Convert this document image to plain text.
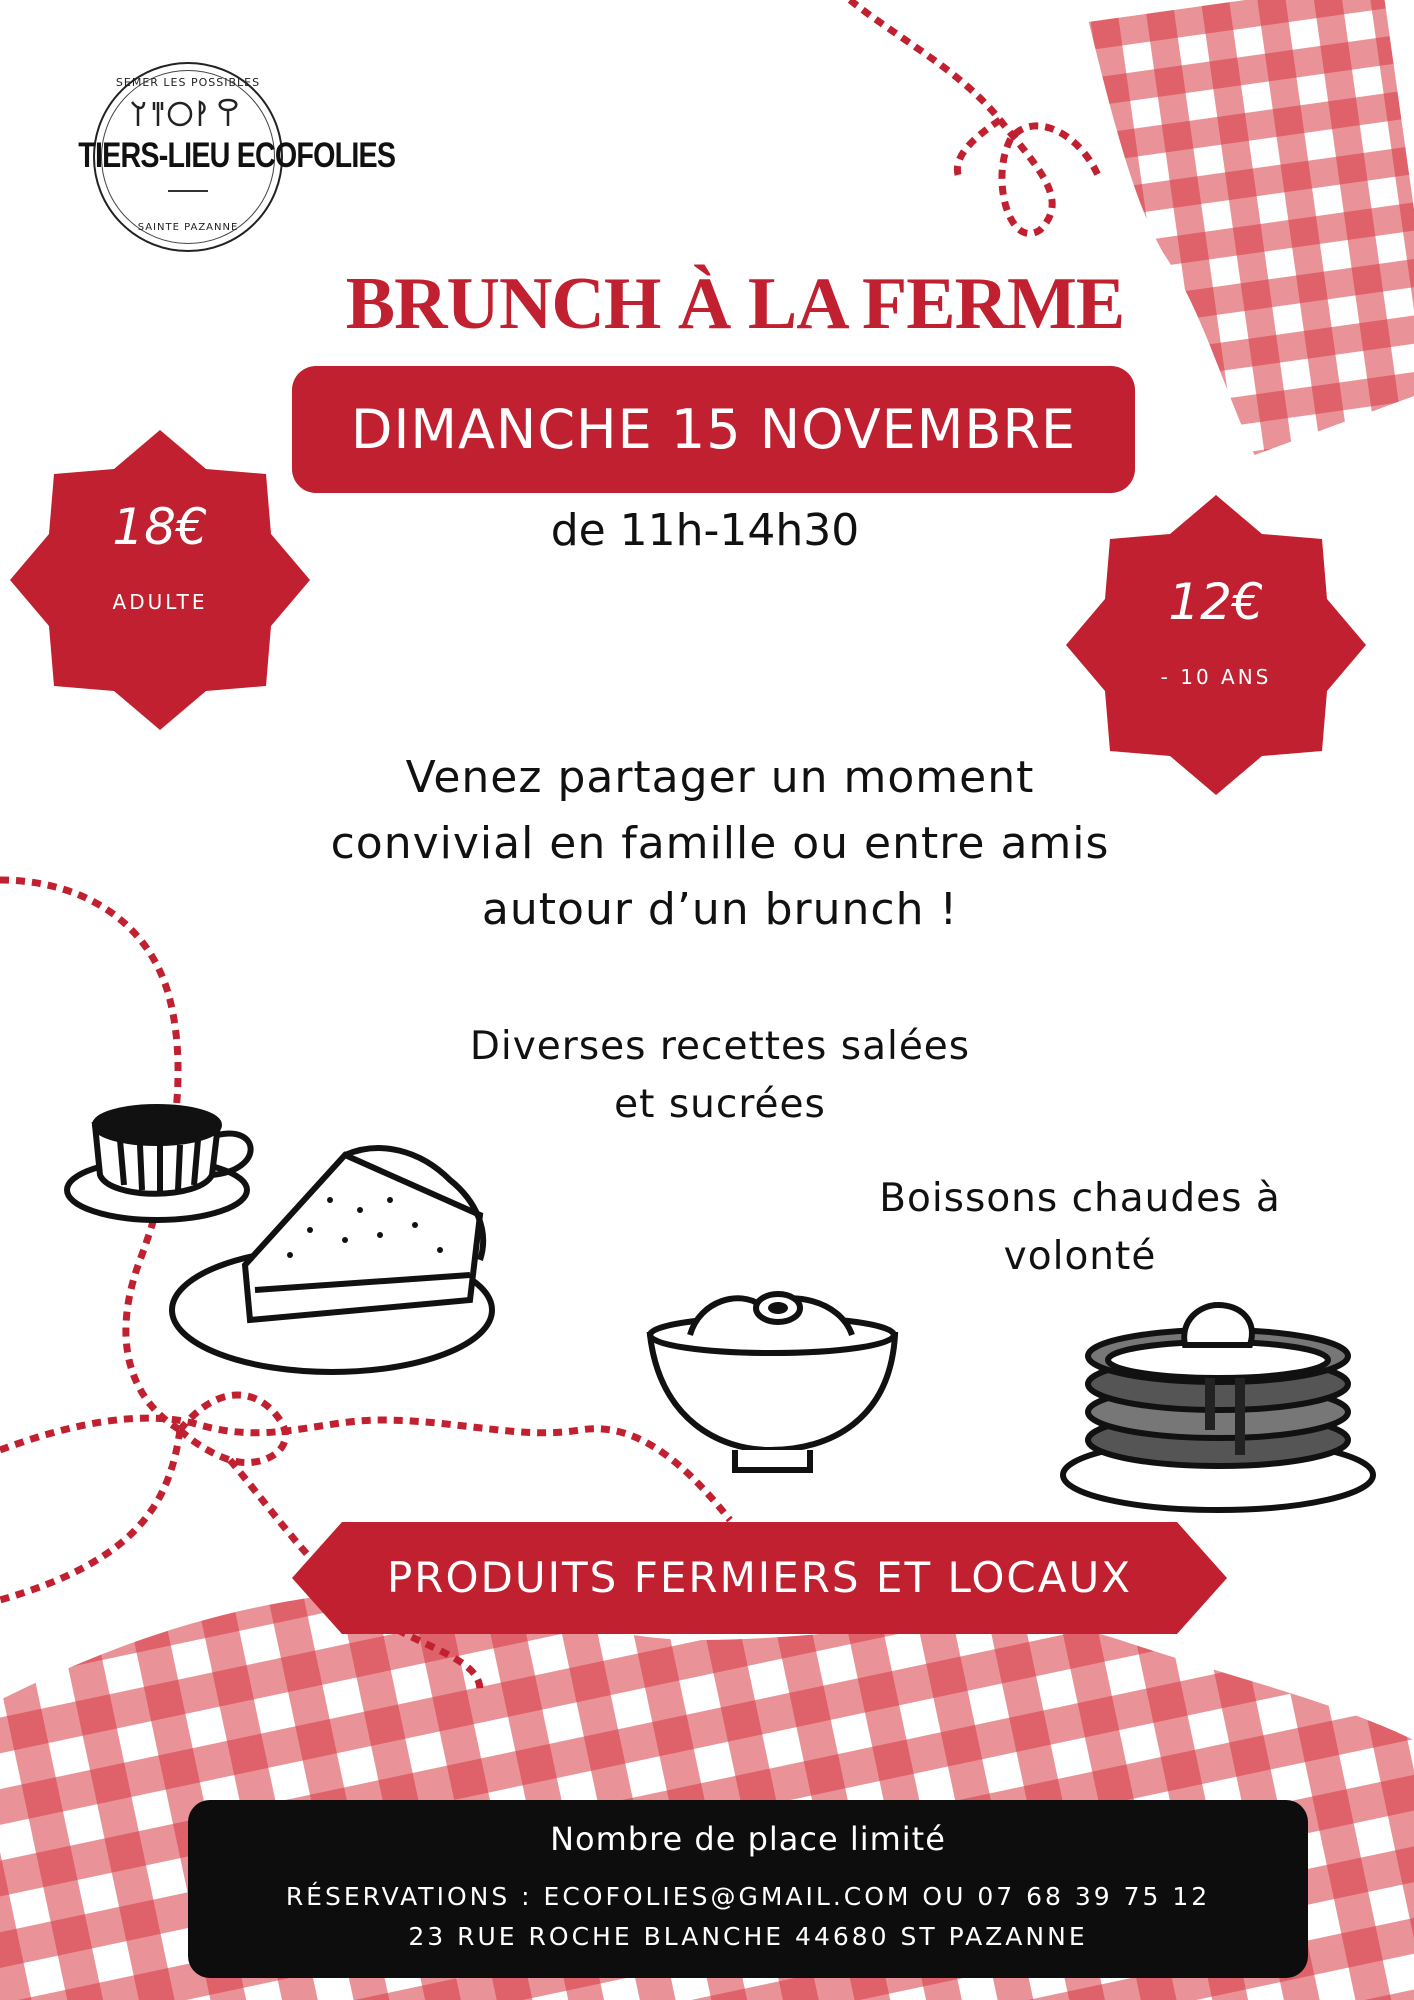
SEMER LES POSSIBLES
TIERS-LIEU ECOFOLIES
SAINTE PAZANNE
BRUNCH À LA FERME
DIMANCHE 15 NOVEMBRE
de 11h-14h30
18€
ADULTE	12€
- 10 ANS
Venez partager un moment
convivial en famille ou entre amis
autour d’un brunch !
Diverses recettes salées
et sucrées
Boissons chaudes à
volonté
PRODUITS FERMIERS ET LOCAUX
Nombre de place limité
RÉSERVATIONS : ECOFOLIES@GMAIL.COM OU 07 68 39 75 12
23 RUE ROCHE BLANCHE 44680 ST PAZANNE
